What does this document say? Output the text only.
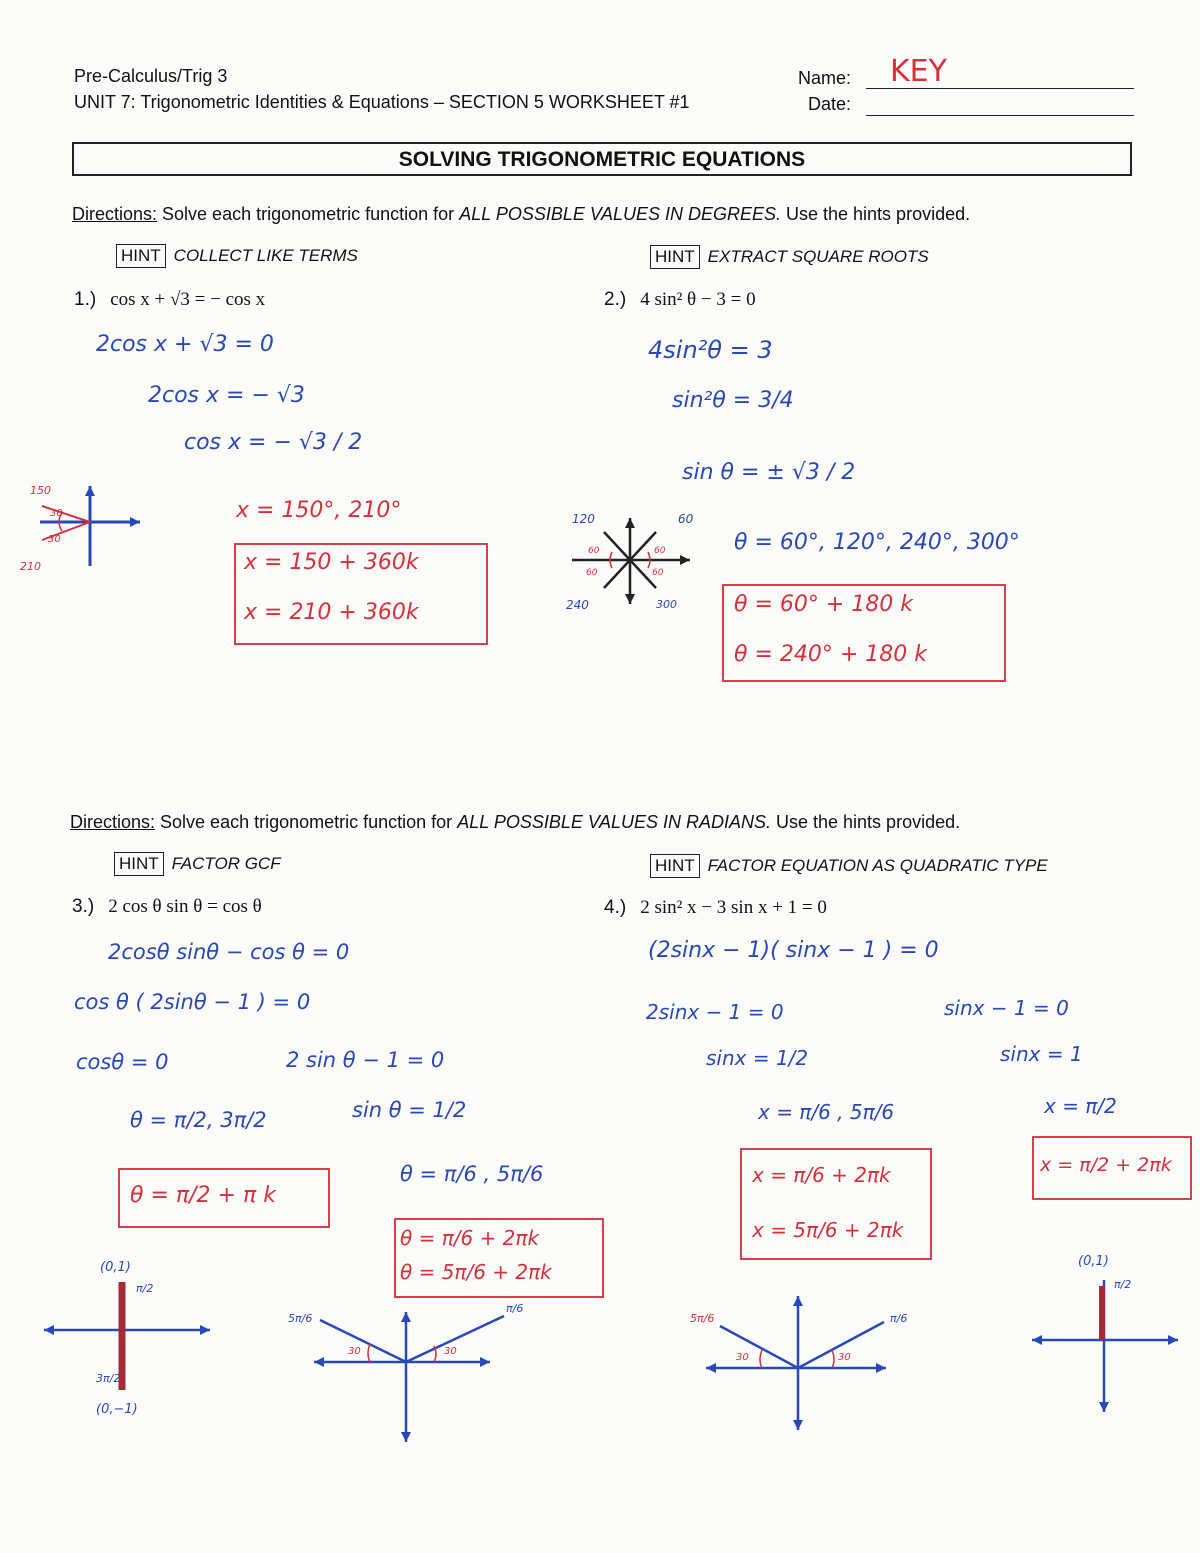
Pre-Calculus/Trig 3
UNIT 7: Trigonometric Identities & Equations – SECTION 5 WORKSHEET #1
Name: KEY
Date:
SOLVING TRIGONOMETRIC EQUATIONS
Directions: Solve each trigonometric function for ALL POSSIBLE VALUES IN DEGREES. Use the hints provided.
HINT COLLECT LIKE TERMS
1.) cos x + √3 = − cos x
2cos x + √3 = 0
2cos x = − √3
cos x = − √3 / 2
x = 150°, 210°
x = 150 + 360k
x = 210 + 360k
150
30
30
210
HINT EXTRACT SQUARE ROOTS
2.) 4 sin² θ − 3 = 0
4sin²θ = 3
sin²θ = 3/4
sin θ = ± √3 / 2
θ = 60°, 120°, 240°, 300°
θ = 60° + 180 k
θ = 240° + 180 k
120	60
240	300
60	60
60	60
Directions: Solve each trigonometric function for ALL POSSIBLE VALUES IN RADIANS. Use the hints provided.
HINT FACTOR GCF
3.) 2 cos θ sin θ = cos θ
2cosθ sinθ − cos θ = 0
cos θ ( 2sinθ − 1 ) = 0
cosθ = 0	2 sin θ − 1 = 0
θ = π/2, 3π/2	sin θ = 1/2
θ = π/6 , 5π/6
θ = π/2 + π k
θ = π/6 + 2πk
θ = 5π/6 + 2πk
(0,1)
π/2
3π/2
(0,−1)
5π/6
π/6
30	30
HINT FACTOR EQUATION AS QUADRATIC TYPE
4.) 2 sin² x − 3 sin x + 1 = 0
(2sinx − 1)( sinx − 1 ) = 0
2sinx − 1 = 0	sinx − 1 = 0
sinx = 1/2	sinx = 1
x = π/6 , 5π/6	x = π/2
x = π/6 + 2πk
x = 5π/6 + 2πk
x = π/2 + 2πk
5π/6	π/6
30	30
(0,1)
π/2
